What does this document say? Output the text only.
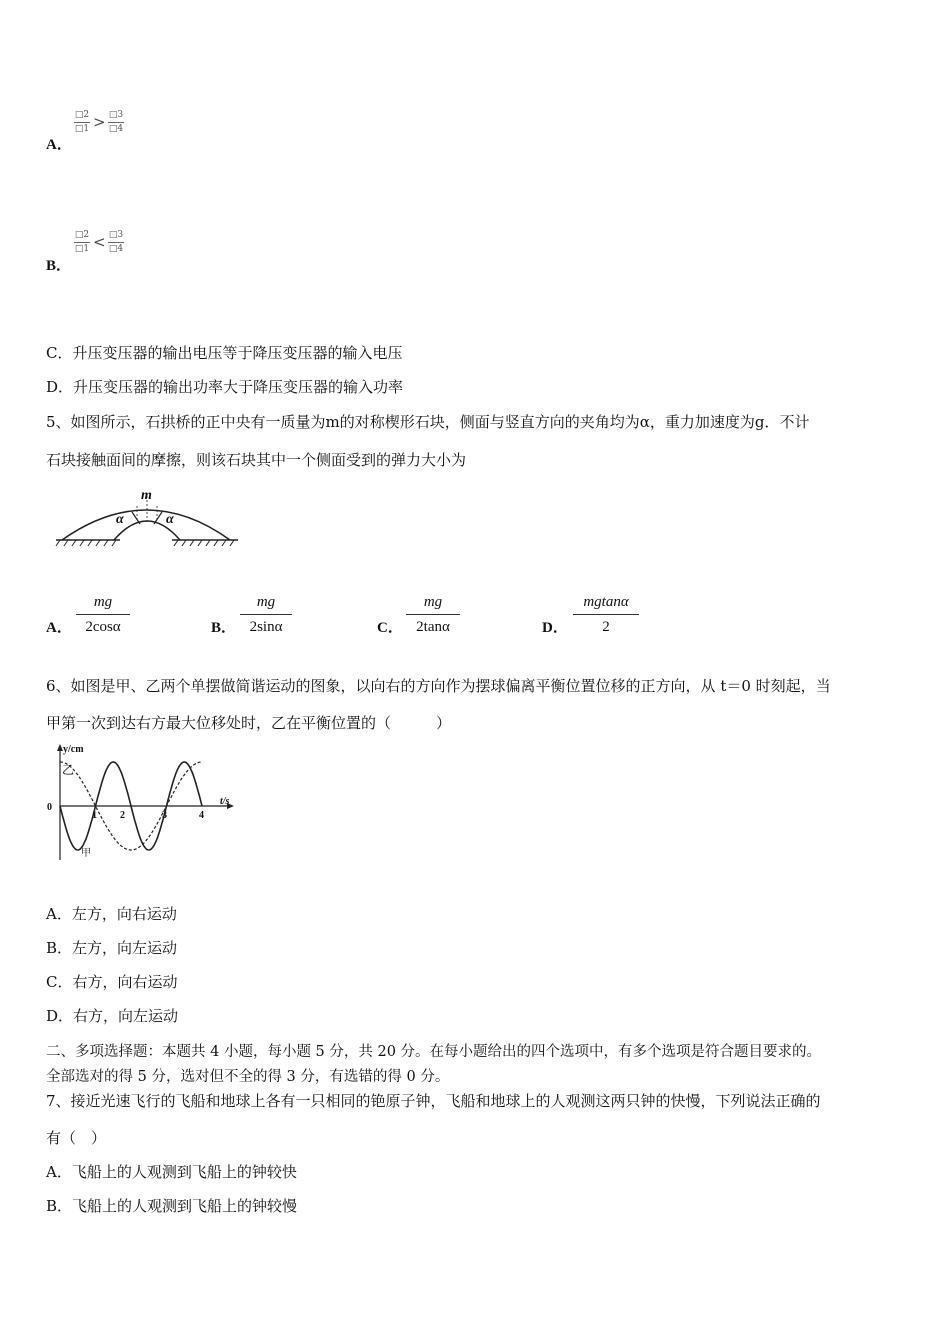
A．
□2
□1 > □3
□4
B．
□2
□1 < □3
□4
C．升压变压器的输出电压等于降压变压器的输入电压
D．升压变压器的输出功率大于降压变压器的输入功率
5、如图所示，石拱桥的正中央有一质量为m的对称楔形石块，侧面与竖直方向的夹角均为α，重力加速度为g．不计
石块接触面间的摩擦，则该石块其中一个侧面受到的弹力大小为
m
α	α
A．
mg
2cosα	B．
mg
2sinα	C．
mg
2tanα	D．
mgtanα
2
6、如图是甲、乙两个单摆做简谐运动的图象，以向右的方向作为摆球偏离平衡位置位移的正方向，从 t＝0 时刻起，当
甲第一次到达右方最大位移处时，乙在平衡位置的（　　　）
y/cm
t/s
0
1 2	3	4
乙
甲
A．左方，向右运动
B．左方，向左运动
C．右方，向右运动
D．右方，向左运动
二、多项选择题：本题共 4 小题，每小题 5 分，共 20 分。在每小题给出的四个选项中，有多个选项是符合题目要求的。
全部选对的得 5 分，选对但不全的得 3 分，有选错的得 0 分。
7、接近光速飞行的飞船和地球上各有一只相同的铯原子钟，飞船和地球上的人观测这两只钟的快慢，下列说法正确的
有（　）
A．飞船上的人观测到飞船上的钟较快
B．飞船上的人观测到飞船上的钟较慢
